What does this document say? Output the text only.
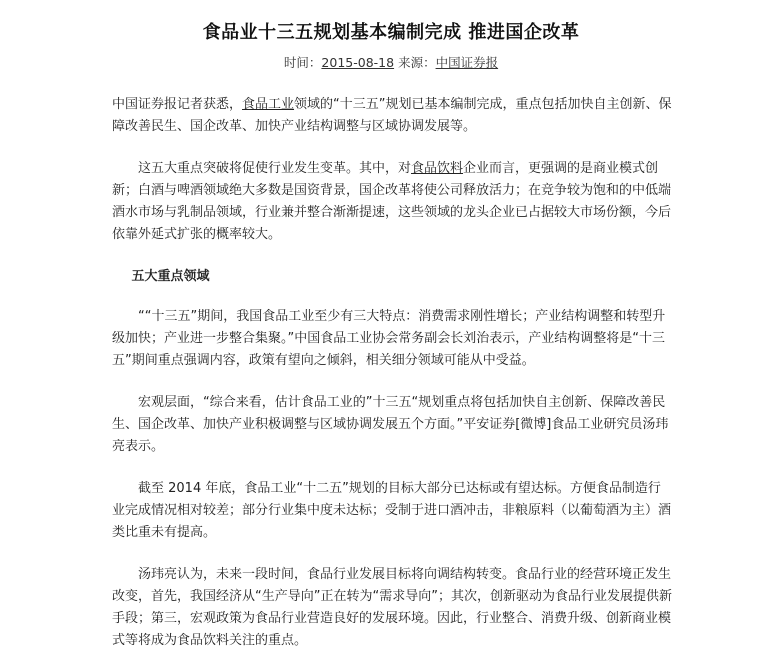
食品业十三五规划基本编制完成 推进国企改革
时间：2015-08-18 来源：中国证券报

中国证券报记者获悉，食品工业领域的“十三五”规划已基本编制完成，重点包括加快自主创新、保障改善民生、国企改革、加快产业结构调整与区域协调发展等。

这五大重点突破将促使行业发生变革。其中，对食品饮料企业而言，更强调的是商业模式创新；白酒与啤酒领域绝大多数是国资背景，国企改革将使公司释放活力；在竞争较为饱和的中低端酒水市场与乳制品领域，行业兼并整合渐渐提速，这些领域的龙头企业已占据较大市场份额，今后依靠外延式扩张的概率较大。

五大重点领域

““十三五”期间，我国食品工业至少有三大特点：消费需求刚性增长；产业结构调整和转型升级加快；产业进一步整合集聚。”中国食品工业协会常务副会长刘治表示，产业结构调整将是“十三五”期间重点强调内容，政策有望向之倾斜，相关细分领域可能从中受益。

宏观层面，“综合来看，估计食品工业的”十三五“规划重点将包括加快自主创新、保障改善民生、国企改革、加快产业积极调整与区域协调发展五个方面。”平安证券[微博]食品工业研究员汤玮亮表示。

截至 2014 年底，食品工业“十二五”规划的目标大部分已达标或有望达标。方便食品制造行业完成情况相对较差；部分行业集中度未达标；受制于进口酒冲击，非粮原料（以葡萄酒为主）酒类比重未有提高。

汤玮亮认为，未来一段时间，食品行业发展目标将向调结构转变。食品行业的经营环境正发生改变，首先，我国经济从“生产导向”正在转为“需求导向”；其次，创新驱动为食品行业发展提供新手段；第三，宏观政策为食品行业营造良好的发展环境。因此，行业整合、消费升级、创新商业模式等将成为食品饮料关注的重点。
